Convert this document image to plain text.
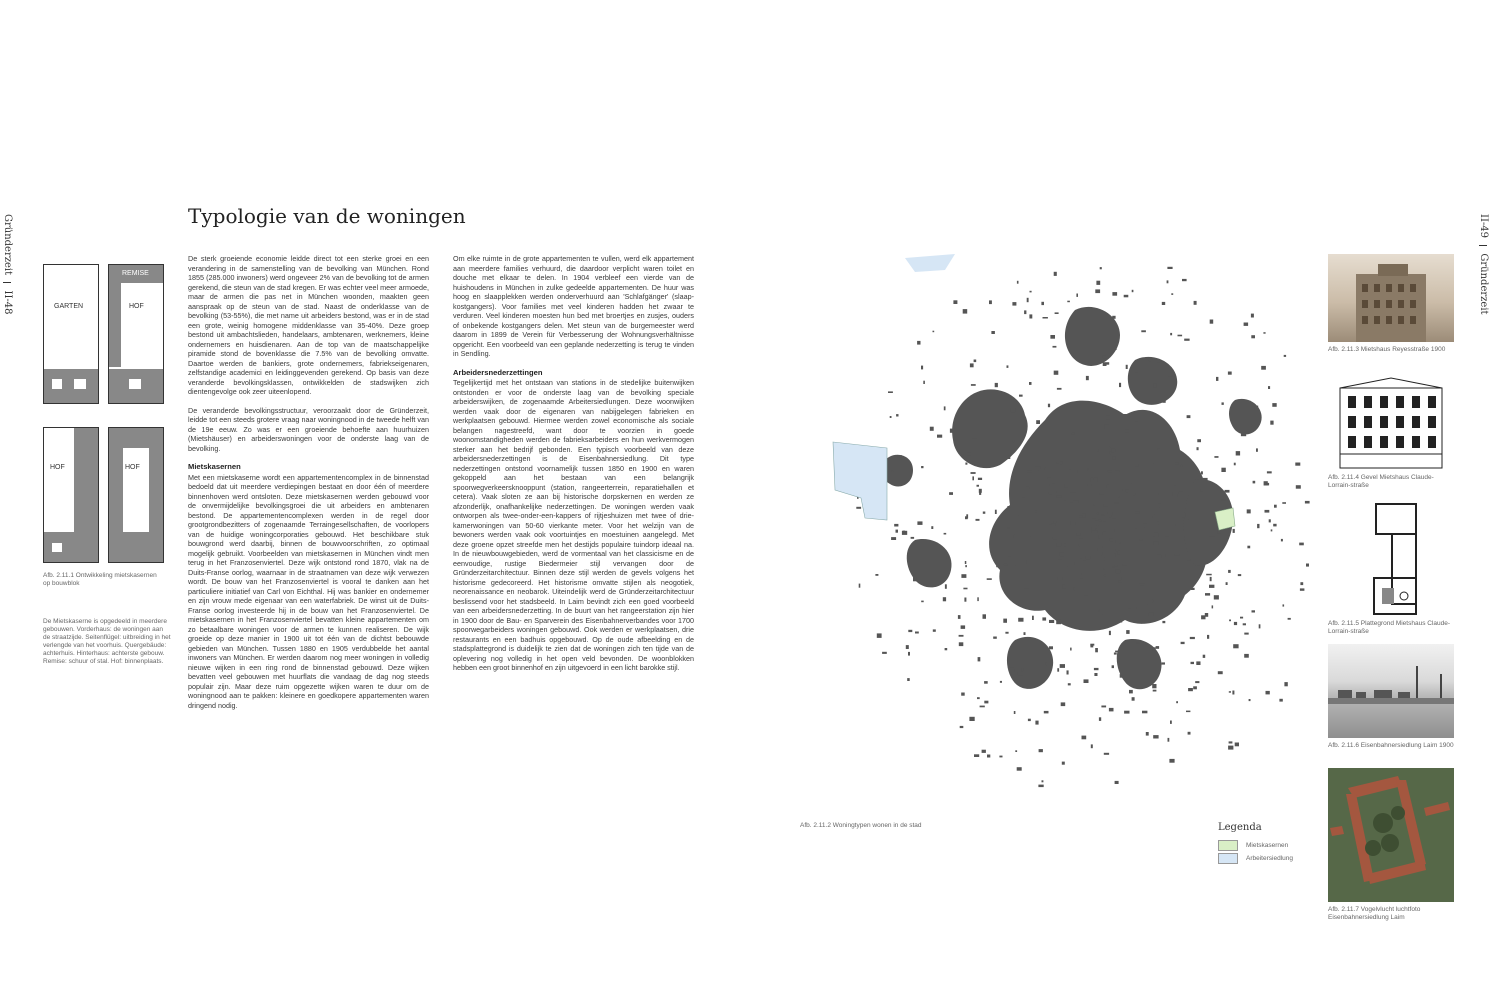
Gründerzeit  II-48
II-49  Gründerzeit
Typologie van de woningen
GARTEN
REMISE
HOF
HOF	HOF
Afb. 2.11.1 Ontwikkeling mietskasernen op bouwblok
De Mietskaserne is opgedeeld in meerdere gebouwen. Vorderhaus: de woningen aan de straatzijde. Seitenflügel: uitbreiding in het verlengde van het voorhuis. Quergebäude: achterhuis. Hinterhaus: achterste gebouw. Remise: schuur of stal. Hof: binnenplaats.

De sterk groeiende economie leidde direct tot een sterke groei en een verandering in de samenstelling van de bevolking van München. Rond 1855 (285.000 inwoners) werd ongeveer 2% van de bevolking tot de armen gerekend, die steun van de stad kregen. Er was echter veel meer armoede, maar de armen die pas net in München woonden, maakten geen aanspraak op de steun van de stad. Naast de onderklasse van de bevolking (53-55%), die met name uit arbeiders bestond, was er in de stad een grote, weinig homogene middenklasse van 35-40%. Deze groep bestond uit ambachtslieden, handelaars, ambtenaren, werknemers, kleine ondernemers en huisdienaren. Aan de top van de maatschappelijke piramide stond de bovenklasse die 7.5% van de bevolking omvatte. Daartoe werden de bankiers, grote ondernemers, fabriekseigenaren, zelfstandige academici en leidinggevenden gerekend. Op basis van deze veranderde bevolkingsklassen, ontwikkelden de stadswijken zich dientengevolge ook zeer uiteenlopend.

De veranderde bevolkingsstructuur, veroorzaakt door de Gründerzeit, leidde tot een steeds grotere vraag naar woningnood in de tweede helft van de 19e eeuw. Zo was er een groeiende behoefte aan huurhuizen (Mietshäuser) en arbeiderswoningen voor de onderste laag van de bevolking.

Mietskasernen

Met een mietskaserne wordt een appartementencomplex in de binnenstad bedoeld dat uit meerdere verdiepingen bestaat en door één of meerdere binnenhoven werd ontsloten. Deze mietskasernen werden gebouwd voor de onvermijdelijke bevolkingsgroei die uit arbeiders en ambtenaren bestond. De appartementencomplexen werden in de regel door grootgrondbezitters of zogenaamde Terraingesellschaften, de voorlopers van de huidige woningcorporaties gebouwd. Het beschikbare stuk bouwgrond werd daarbij, binnen de bouwvoorschriften, zo optimaal mogelijk gebruikt. Voorbeelden van mietskasernen in München vindt men terug in het Franzosenviertel. Deze wijk ontstond rond 1870, vlak na de Duits-Franse oorlog, waarnaar in de straatnamen van deze wijk verwezen wordt. De bouw van het Franzosenviertel is vooral te danken aan het particuliere initiatief van Carl von Eichthal. Hij was bankier en ondernemer en zijn vrouw mede eigenaar van een waterfabriek. De winst uit de Duits-Franse oorlog investeerde hij in de bouw van het Franzosenviertel. De mietskasernen in het Franzosenviertel bevatten kleine appartementen om zo betaalbare woningen voor de armen te kunnen realiseren. De wijk groeide op deze manier in 1900 uit tot één van de dichtst bebouwde gebieden van München. Tussen 1880 en 1905 verdubbelde het aantal inwoners van München. Er werden daarom nog meer woningen in volledig nieuwe wijken in een ring rond de binnenstad gebouwd. Deze wijken bevatten veel gebouwen met huurflats die vandaag de dag nog steeds populair zijn. Maar deze ruim opgezette wijken waren te duur om de woningnood aan te pakken: kleinere en goedkopere appartementen waren dringend nodig.

Om elke ruimte in de grote appartementen te vullen, werd elk appartement aan meerdere families verhuurd, die daardoor verplicht waren toilet en douche met elkaar te delen. In 1904 verbleef een vierde van de huishoudens in München in zulke gedeelde appartementen. De huur was hoog en slaapplekken werden onderverhuurd aan 'Schlafgänger' (slaap-kostgangers). Voor families met veel kinderen hadden het zwaar te verduren. Veel kinderen moesten hun bed met broertjes en zusjes, ouders of onbekende kostgangers delen. Met steun van de burgemeester werd daarom in 1899 de Verein für Verbesserung der Wohnungsverhältnisse opgericht. Een voorbeeld van een geplande nederzetting is terug te vinden in Sendling.

Arbeidersnederzettingen

Tegelijkertijd met het ontstaan van stations in de stedelijke buitenwijken ontstonden er voor de onderste laag van de bevolking speciale arbeiderswijken, de zogenaamde Arbeitersiedlungen. Deze woonwijken werden vaak door de eigenaren van nabijgelegen fabrieken en werkplaatsen gebouwd. Hiermee werden zowel economische als sociale belangen nagestreefd, want door te voorzien in goede woonomstandigheden werden de fabrieksarbeiders en hun werkvermogen sterker aan het bedrijf gebonden. Een typisch voorbeeld van deze arbeidersnederzettingen is de Eisenbahnersiedlung. Dit type nederzettingen ontstond voornamelijk tussen 1850 en 1900 en waren gekoppeld aan het bestaan van een belangrijk spoorwegverkeersknooppunt (station, rangeerterrein, reparatiehallen et cetera). Vaak sloten ze aan bij historische dorpskernen en werden ze afzonderlijk, onafhankelijke nederzettingen. De woningen werden vaak ontworpen als twee-onder-een-kappers of rijtjeshuizen met twee of drie-kamerwoningen van 50-60 vierkante meter. Voor het welzijn van de bewoners werden vaak ook voortuintjes en moestuinen aangelegd. Met deze groene opzet streefde men het destijds populaire tuindorp ideaal na. In de nieuwbouwgebieden, werd de vormentaal van het classicisme en de eenvoudige, rustige Biedermeier stijl vervangen door de Gründerzeitarchitectuur. Binnen deze stijl werden de gevels volgens het historisme gedecoreerd. Het historisme omvatte stijlen als neogotiek, neorenaissance en neobarok. Uiteindelijk werd de Gründerzeitarchitectuur beslissend voor het stadsbeeld. In Laim bevindt zich een goed voorbeeld van een arbeidersnederzetting. In de buurt van het rangeerstation zijn hier in 1900 door de Bau- en Sparverein des Eisenbahnerverbandes voor 1700 spoorwegarbeiders woningen gebouwd. Ook werden er werkplaatsen, drie restaurants en een badhuis opgebouwd. Op de oude afbeelding en de stadsplattegrond is duidelijk te zien dat de woningen zich ten tijde van de oplevering nog volledig in het open veld bevonden. De woonblokken hebben een groot binnenhof en zijn uitgevoerd in een licht barokke stijl.

Afb. 2.11.2 Woningtypen wonen in de stad	Legenda
Mietskasernen
Arbeitersiedlung
Afb. 2.11.3 Mietshaus Reyesstraße 1900
Afb. 2.11.4 Gevel Mietshaus Claude-Lorrain-straße
Afb. 2.11.5 Plattegrond Mietshaus Claude-Lorrain-straße
Afb. 2.11.6 Eisenbahnersiedlung Laim 1900
Afb. 2.11.7 Vogelvlucht luchtfoto Eisenbahnersiedlung Laim
